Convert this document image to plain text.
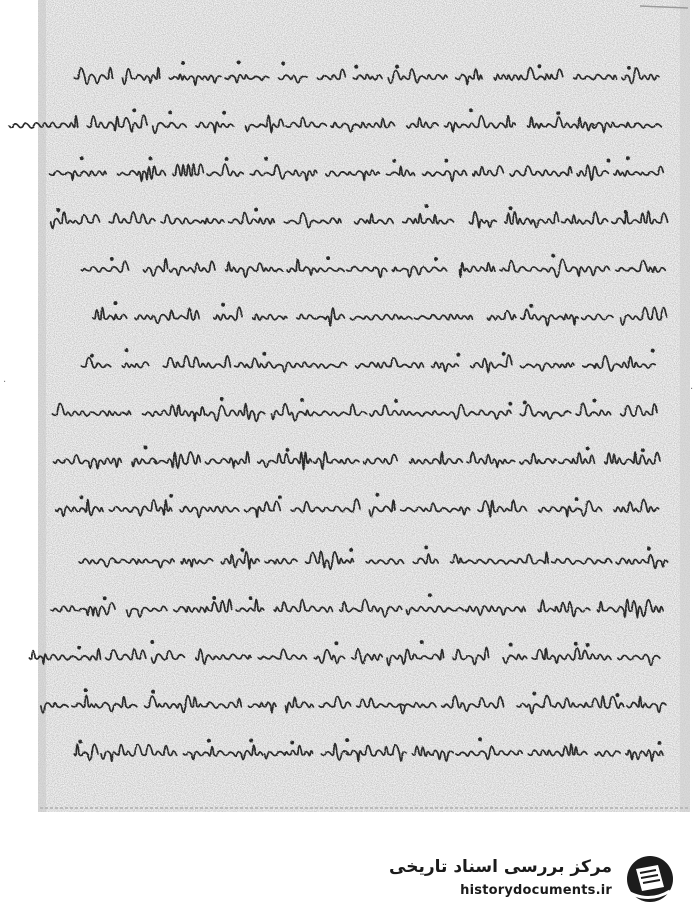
·
·
مرکز بررسی اسناد تاریخی
historydocuments.ir
